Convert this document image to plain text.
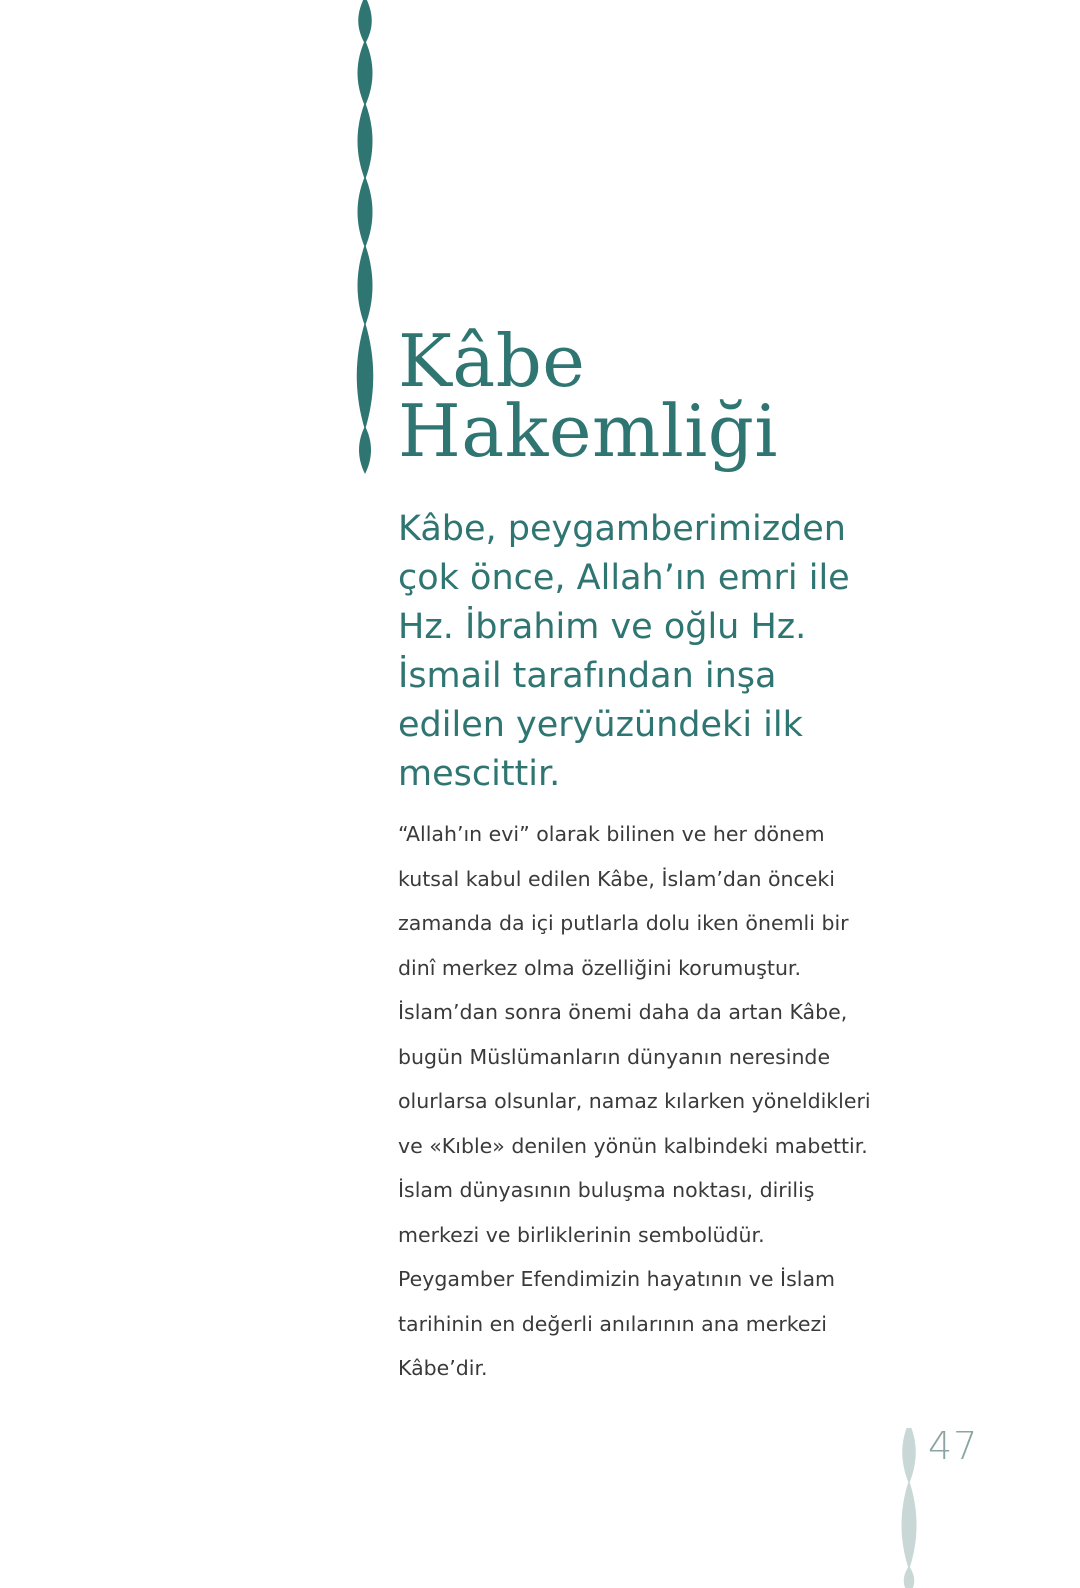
Kâbe
Hakemliği

Kâbe, peygamberimizden çok önce, Allah’ın emri ile Hz. İbrahim ve oğlu Hz. İsmail tarafından inşa edilen yeryüzündeki ilk mescittir.

“Allah’ın evi” olarak bilinen ve her dönem kutsal kabul edilen Kâbe, İslam’dan önceki zamanda da içi putlarla dolu iken önemli bir dinî merkez olma özelliğini korumuştur. İslam’dan sonra önemi daha da artan Kâbe, bugün Müslümanların dünyanın neresinde olurlarsa olsunlar, namaz kılarken yöneldikleri ve «Kıble» denilen yönün kalbindeki mabettir. İslam dünyasının buluşma noktası, diriliş merkezi ve birliklerinin sembolüdür. Peygamber Efendimizin hayatının ve İslam tarihinin en değerli anılarının ana merkezi Kâbe’dir.

47
